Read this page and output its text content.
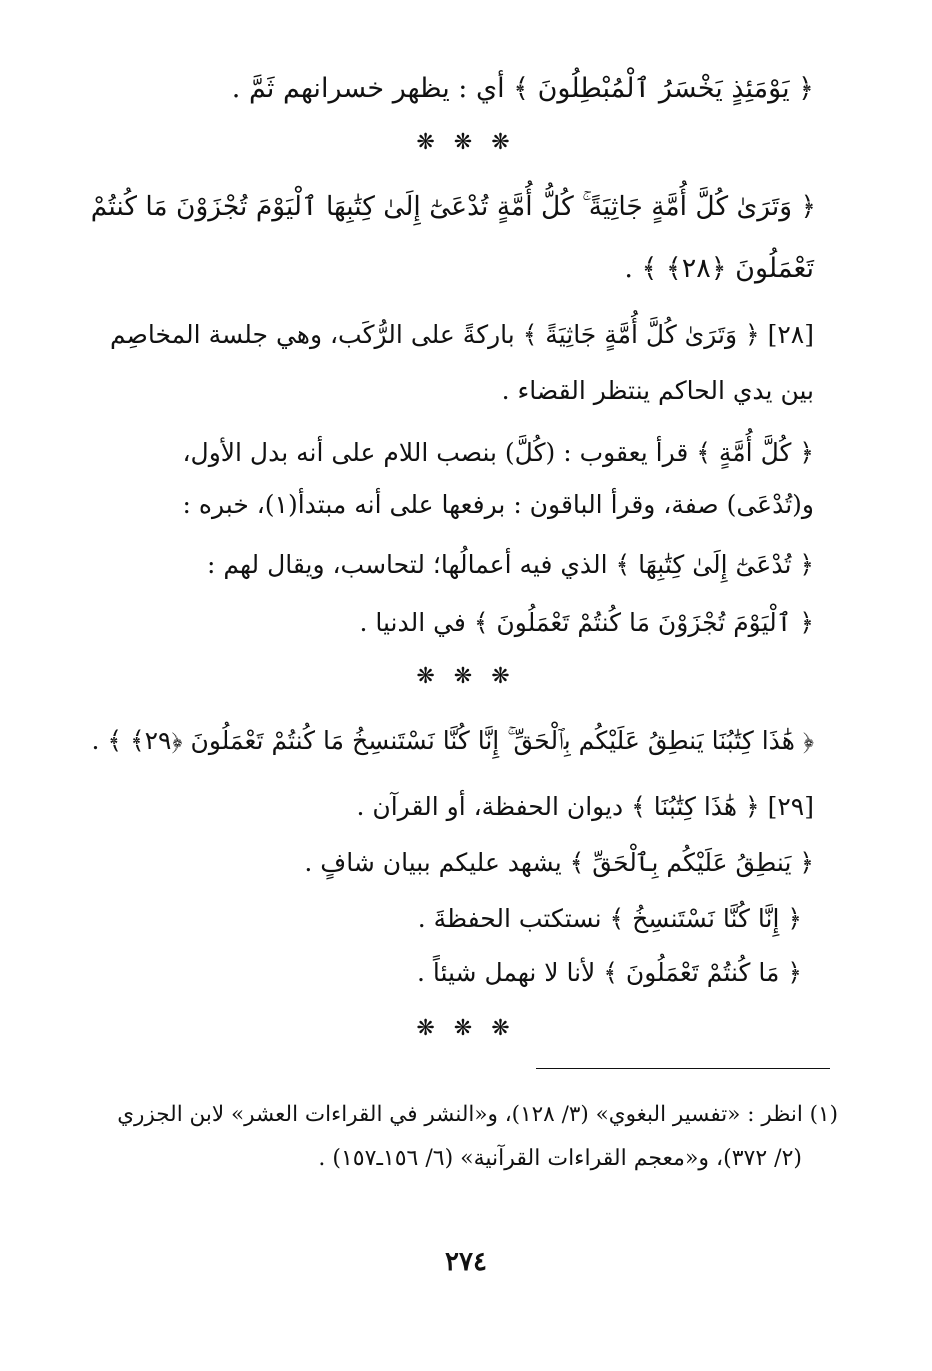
﴿ يَوْمَئِذٍ يَخْسَرُ ٱلْمُبْطِلُونَ ﴾ أي : يظهر خسرانهم ثَمَّ .
❋ ❋ ❋
﴿ وَتَرَىٰ كُلَّ أُمَّةٍ جَاثِيَةً ۚ كُلُّ أُمَّةٍ تُدْعَىٰٓ إِلَىٰ كِتَٰبِهَا ٱلْيَوْمَ تُجْزَوْنَ مَا كُنتُمْ
تَعْمَلُونَ ﴿٢٨﴾ ﴾ .
[٢٨] ﴿ وَتَرَىٰ كُلَّ أُمَّةٍ جَاثِيَةً ﴾ باركةً على الرُّكَب، وهي جلسة المخاصِم
بين يدي الحاكم ينتظر القضاء .
﴿ كُلَّ أُمَّةٍ ﴾ قرأ يعقوب : (كُلَّ) بنصب اللام على أنه بدل الأول،
و(تُدْعَى) صفة، وقرأ الباقون : برفعها على أنه مبتدأ(١)، خبره :
﴿ تُدْعَىٰٓ إِلَىٰ كِتَٰبِهَا ﴾ الذي فيه أعمالُها؛ لتحاسب، ويقال لهم :
﴿ ٱلْيَوْمَ تُجْزَوْنَ مَا كُنتُمْ تَعْمَلُونَ ﴾ في الدنيا .
❋ ❋ ❋
﴿ هَٰذَا كِتَٰبُنَا يَنطِقُ عَلَيْكُم بِٱلْحَقِّ ۚ إِنَّا كُنَّا نَسْتَنسِخُ مَا كُنتُمْ تَعْمَلُونَ ﴿٢٩﴾ ﴾ .
[٢٩] ﴿ هَٰذَا كِتَٰبُنَا ﴾ ديوان الحفظة، أو القرآن .
﴿ يَنطِقُ عَلَيْكُم بِٱلْحَقِّ ﴾ يشهد عليكم ببيان شافٍ .
﴿ إِنَّا كُنَّا نَسْتَنسِخُ ﴾ نستكتب الحفظةَ .
﴿ مَا كُنتُمْ تَعْمَلُونَ ﴾ لأنا لا نهمل شيئاً .
❋ ❋ ❋
(١) انظر : «تفسير البغوي» (٣/ ١٢٨)، و«النشر في القراءات العشر» لابن الجزري
(٢/ ٣٧٢)، و«معجم القراءات القرآنية» (٦/ ١٥٦ـ١٥٧) .
٢٧٤
